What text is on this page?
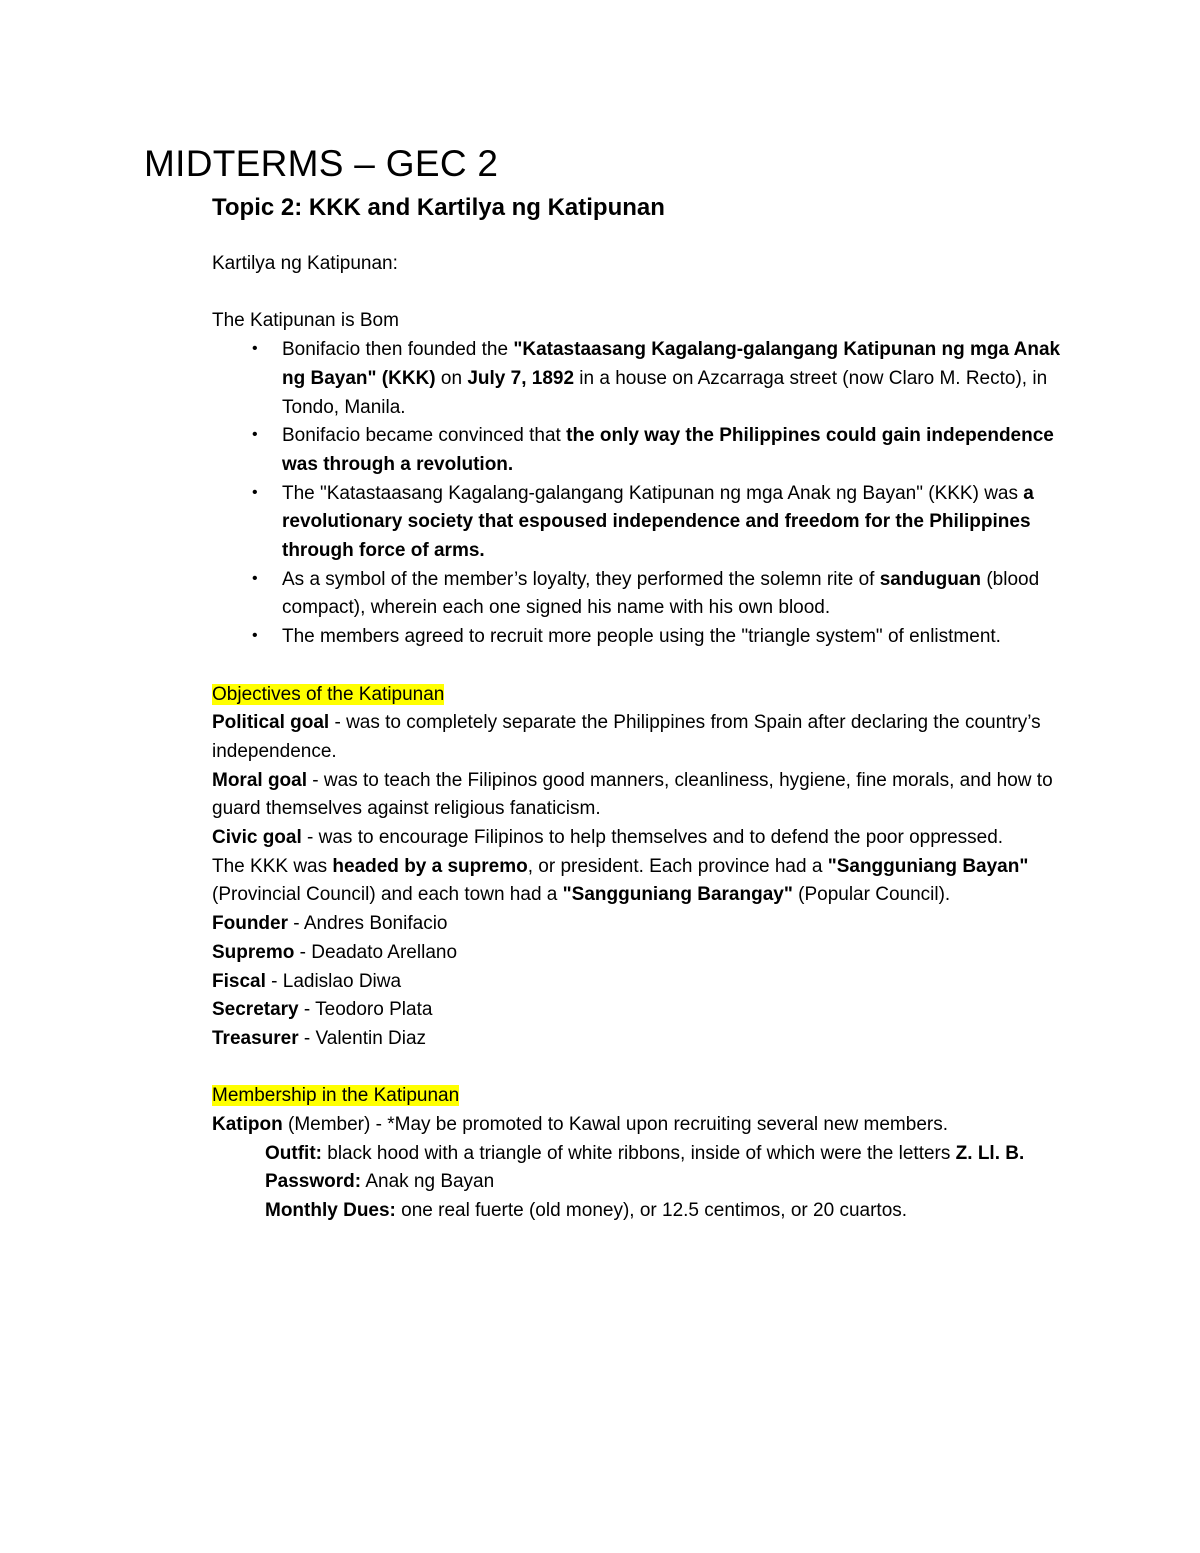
MIDTERMS – GEC 2
Topic 2: KKK and Kartilya ng Katipunan

Kartilya ng Katipunan:

The Katipunan is Bom

• Bonifacio then founded the "Katastaasang Kagalang-galangang Katipunan ng mga Anak ng Bayan" (KKK) on July 7, 1892 in a house on Azcarraga street (now Claro M. Recto), in Tondo, Manila.
• Bonifacio became convinced that the only way the Philippines could gain independence was through a revolution.
• The "Katastaasang Kagalang-galangang Katipunan ng mga Anak ng Bayan" (KKK) was a revolutionary society that espoused independence and freedom for the Philippines through force of arms.
• As a symbol of the member’s loyalty, they performed the solemn rite of sanduguan (blood compact), wherein each one signed his name with his own blood.
• The members agreed to recruit more people using the "triangle system" of enlistment.

Objectives of the Katipunan

Political goal - was to completely separate the Philippines from Spain after declaring the country’s independence.

Moral goal - was to teach the Filipinos good manners, cleanliness, hygiene, fine morals, and how to guard themselves against religious fanaticism.

Civic goal - was to encourage Filipinos to help themselves and to defend the poor oppressed.

The KKK was headed by a supremo, or president. Each province had a "Sangguniang Bayan" (Provincial Council) and each town had a "Sangguniang Barangay" (Popular Council).

Founder - Andres Bonifacio

Supremo - Deadato Arellano

Fiscal - Ladislao Diwa

Secretary - Teodoro Plata

Treasurer - Valentin Diaz

Membership in the Katipunan

Katipon (Member) - *May be promoted to Kawal upon recruiting several new members.

Outfit: black hood with a triangle of white ribbons, inside of which were the letters Z. Ll. B.

Password: Anak ng Bayan

Monthly Dues: one real fuerte (old money), or 12.5 centimos, or 20 cuartos.
